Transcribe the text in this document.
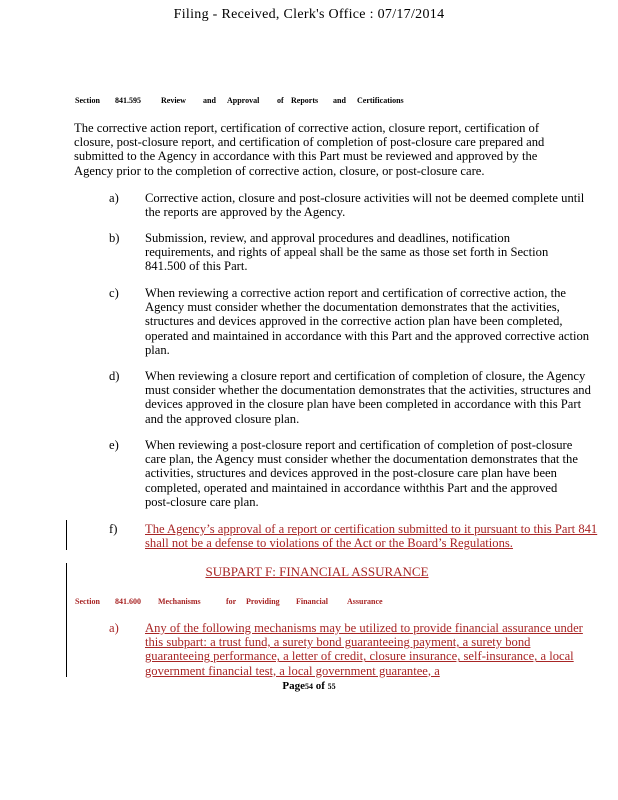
Filing - Received, Clerk's Office : 07/17/2014
Section 841.595	Review and Approval of Reports and Certifications
The corrective action report, certification of corrective action, closure report, certification of closure, post-closure report, and certification of completion of post-closure care prepared and submitted to the Agency in accordance with this Part must be reviewed and approved by the Agency prior to the completion of corrective action, closure, or post-closure care.
a) Corrective action, closure and post-closure activities will not be deemed complete until the reports are approved by the Agency.
b) Submission, review, and approval procedures and deadlines, notification requirements, and rights of appeal shall be the same as those set forth in Section 841.500 of this Part.
c) When reviewing a corrective action report and certification of corrective action, the Agency must consider whether the documentation demonstrates that the activities, structures and devices approved in the corrective action plan have been completed, operated and maintained in accordance with this Part and the approved corrective action plan.
d) When reviewing a closure report and certification of completion of closure, the Agency must consider whether the documentation demonstrates that the activities, structures and devices approved in the closure plan have been completed in accordance with this Part and the approved closure plan.
e) When reviewing a post-closure report and certification of completion of post-closure care plan, the Agency must consider whether the documentation demonstrates that the activities, structures and devices approved in the post-closure care plan have been completed, operated and maintained in accordance withthis Part and the approved post-closure care plan.
f) The Agency’s approval of a report or certification submitted to it pursuant to this Part 841 shall not be a defense to violations of the Act or the Board’s Regulations.
SUBPART F: FINANCIAL ASSURANCE
Section 841.600 Mechanisms	for Providing Financial Assurance
a) Any of the following mechanisms may be utilized to provide financial assurance under this subpart: a trust fund, a surety bond guaranteeing payment, a surety bond guaranteeing performance, a letter of credit, closure insurance, self-insurance, a local government financial test, a local government guarantee, a
Page54 of 55
